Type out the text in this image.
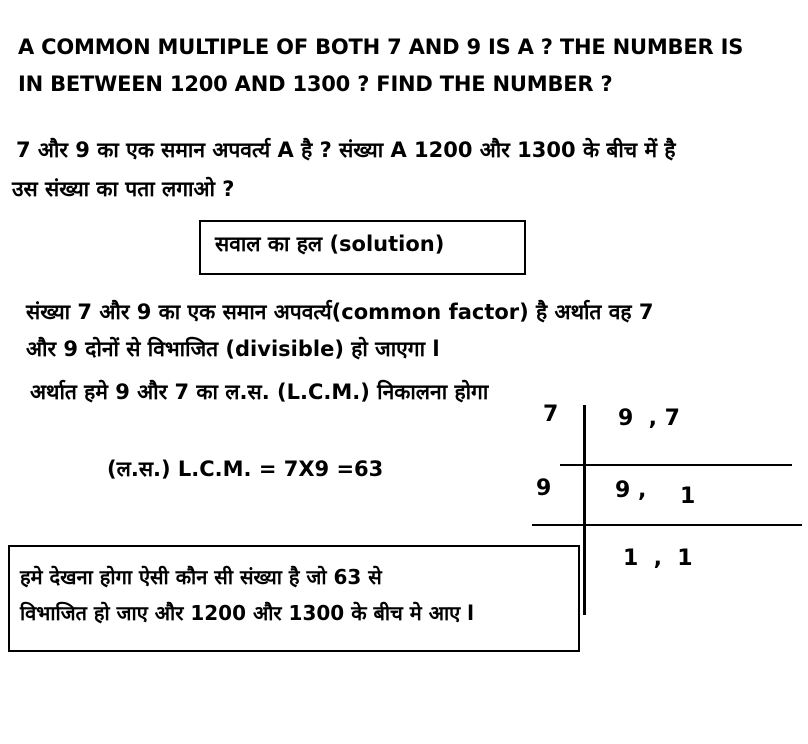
A COMMON MULTIPLE OF BOTH 7 AND 9 IS A ? THE NUMBER IS
IN BETWEEN 1200 AND 1300 ? FIND THE NUMBER ?
7 और 9 का एक समान अपवर्त्य A है ? संख्या A 1200 और 1300 के बीच में है
उस संख्या का पता लगाओ ?
सवाल का हल (solution)
संख्या 7 और 9 का एक समान अपवर्त्य(common factor) है अर्थात वह 7
और 9 दोनों से विभाजित (divisible) हो जाएगा l
अर्थात हमे 9 और 7 का ल.स. (L.C.M.) निकालना होगा
(ल.स.) L.C.M. = 7X9 =63
7	9  , 7
9	9 , 1
1  ,  1
हमे देखना होगा ऐसी कौन सी संख्या है जो 63 से
विभाजित हो जाए और 1200 और 1300 के बीच मे आए l
